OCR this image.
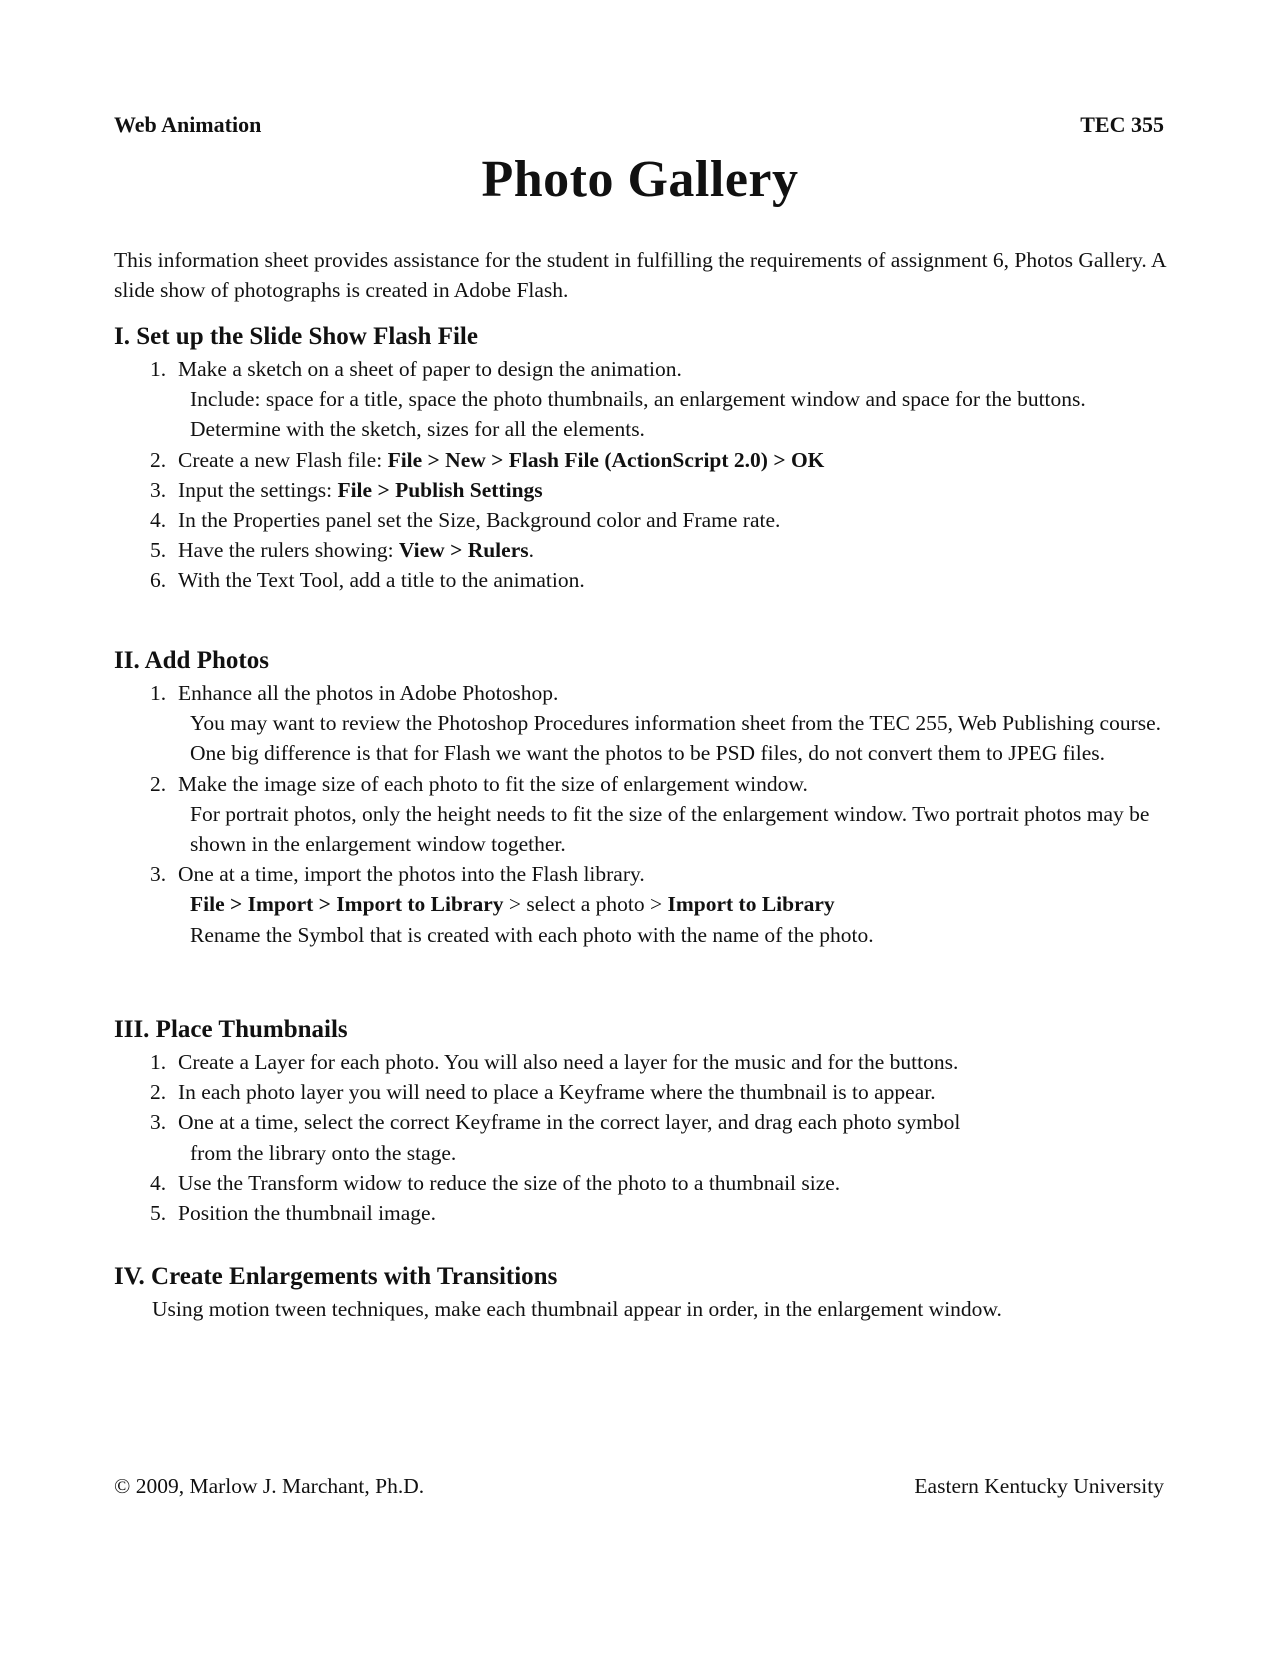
Web Animation	TEC 355
Photo Gallery

This information sheet provides assistance for the student in fulfilling the requirements of assignment 6, Photos Gallery. A slide show of photographs is created in Adobe Flash.

I. Set up the Slide Show Flash File
1. Make a sketch on a sheet of paper to design the animation.
Include: space for a title, space the photo thumbnails, an enlargement window and space for the buttons. Determine with the sketch, sizes for all the elements.
2. Create a new Flash file: File > New > Flash File (ActionScript 2.0) > OK
3. Input the settings: File > Publish Settings
4. In the Properties panel set the Size, Background color and Frame rate.
5. Have the rulers showing: View > Rulers.
6. With the Text Tool, add a title to the animation.
II. Add Photos
1. Enhance all the photos in Adobe Photoshop.
You may want to review the Photoshop Procedures information sheet from the TEC 255, Web Publishing course. One big difference is that for Flash we want the photos to be PSD files, do not convert them to JPEG files.
2. Make the image size of each photo to fit the size of enlargement window.
For portrait photos, only the height needs to fit the size of the enlargement window. Two portrait photos may be shown in the enlargement window together.
3. One at a time, import the photos into the Flash library.
File > Import > Import to Library > select a photo > Import to Library
Rename the Symbol that is created with each photo with the name of the photo.
III. Place Thumbnails
1. Create a Layer for each photo. You will also need a layer for the music and for the buttons.
2. In each photo layer you will need to place a Keyframe where the thumbnail is to appear.
3. One at a time, select the correct Keyframe in the correct layer, and drag each photo symbol
from the library onto the stage.
4. Use the Transform widow to reduce the size of the photo to a thumbnail size.
5. Position the thumbnail image.
IV. Create Enlargements with Transitions

Using motion tween techniques, make each thumbnail appear in order, in the enlargement window.

© 2009, Marlow J. Marchant, Ph.D.	Eastern Kentucky University
